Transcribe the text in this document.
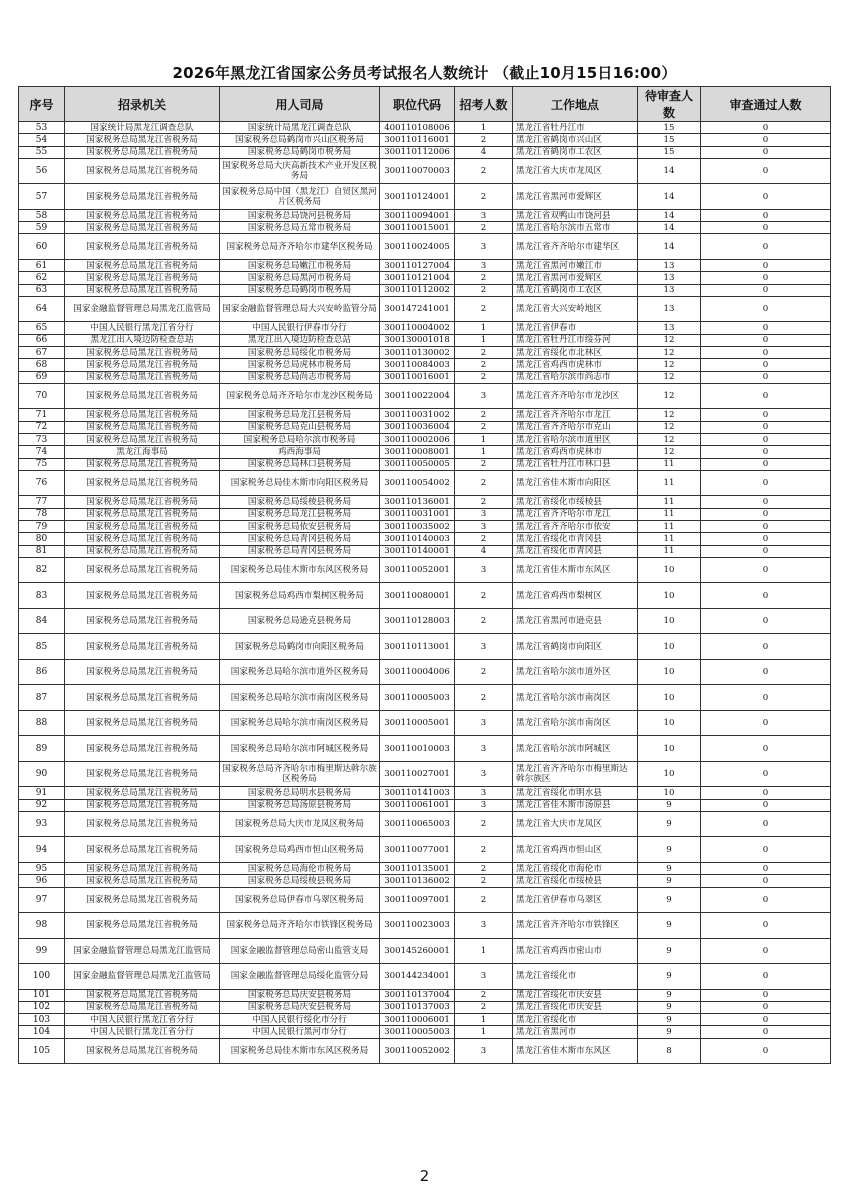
2026年黑龙江省国家公务员考试报名人数统计 （截止10月15日16:00）
序号	招录机关	用人司局	职位代码	招考人数	工作地点	待审查人数	审查通过人数
53	国家统计局黑龙江调查总队	国家统计局黑龙江调查总队	400110108006	1	黑龙江省牡丹江市	15	0
54	国家税务总局黑龙江省税务局	国家税务总局鹤岗市兴山区税务局	300110116001	2	黑龙江省鹤岗市兴山区	15	0
55	国家税务总局黑龙江省税务局	国家税务总局鹤岗市税务局	300110112006	4	黑龙江省鹤岗市工农区	15	0
56	国家税务总局黑龙江省税务局	国家税务总局大庆高新技术产业开发区税务局	300110070003	2	黑龙江省大庆市龙凤区	14	0
57	国家税务总局黑龙江省税务局	国家税务总局中国（黑龙江）自贸区黑河片区税务局	300110124001	2	黑龙江省黑河市爱辉区	14	0
58	国家税务总局黑龙江省税务局	国家税务总局饶河县税务局	300110094001	3	黑龙江省双鸭山市饶河县	14	0
59	国家税务总局黑龙江省税务局	国家税务总局五常市税务局	300110015001	2	黑龙江省哈尔滨市五常市	14	0
60	国家税务总局黑龙江省税务局	国家税务总局齐齐哈尔市建华区税务局	300110024005	3	黑龙江省齐齐哈尔市建华区	14	0
61	国家税务总局黑龙江省税务局	国家税务总局嫩江市税务局	300110127004	3	黑龙江省黑河市嫩江市	13	0
62	国家税务总局黑龙江省税务局	国家税务总局黑河市税务局	300110121004	2	黑龙江省黑河市爱辉区	13	0
63	国家税务总局黑龙江省税务局	国家税务总局鹤岗市税务局	300110112002	2	黑龙江省鹤岗市工农区	13	0
64	国家金融监督管理总局黑龙江监管局	国家金融监督管理总局大兴安岭监管分局	300147241001	2	黑龙江省大兴安岭地区	13	0
65	中国人民银行黑龙江省分行	中国人民银行伊春市分行	300110004002	1	黑龙江省伊春市	13	0
66	黑龙江出入境边防检查总站	黑龙江出入境边防检查总站	300130001018	1	黑龙江省牡丹江市绥芬河	12	0
67	国家税务总局黑龙江省税务局	国家税务总局绥化市税务局	300110130002	2	黑龙江省绥化市北林区	12	0
68	国家税务总局黑龙江省税务局	国家税务总局虎林市税务局	300110084003	2	黑龙江省鸡西市虎林市	12	0
69	国家税务总局黑龙江省税务局	国家税务总局尚志市税务局	300110016001	2	黑龙江省哈尔滨市尚志市	12	0
70	国家税务总局黑龙江省税务局	国家税务总局齐齐哈尔市龙沙区税务局	300110022004	3	黑龙江省齐齐哈尔市龙沙区	12	0
71	国家税务总局黑龙江省税务局	国家税务总局龙江县税务局	300110031002	2	黑龙江省齐齐哈尔市龙江	12	0
72	国家税务总局黑龙江省税务局	国家税务总局克山县税务局	300110036004	2	黑龙江省齐齐哈尔市克山	12	0
73	国家税务总局黑龙江省税务局	国家税务总局哈尔滨市税务局	300110002006	1	黑龙江省哈尔滨市道里区	12	0
74	黑龙江海事局	鸡西海事局	300110008001	1	黑龙江省鸡西市虎林市	12	0
75	国家税务总局黑龙江省税务局	国家税务总局林口县税务局	300110050005	2	黑龙江省牡丹江市林口县	11	0
76	国家税务总局黑龙江省税务局	国家税务总局佳木斯市向阳区税务局	300110054002	2	黑龙江省佳木斯市向阳区	11	0
77	国家税务总局黑龙江省税务局	国家税务总局绥棱县税务局	300110136001	2	黑龙江省绥化市绥棱县	11	0
78	国家税务总局黑龙江省税务局	国家税务总局龙江县税务局	300110031001	3	黑龙江省齐齐哈尔市龙江	11	0
79	国家税务总局黑龙江省税务局	国家税务总局依安县税务局	300110035002	3	黑龙江省齐齐哈尔市依安	11	0
80	国家税务总局黑龙江省税务局	国家税务总局青冈县税务局	300110140003	2	黑龙江省绥化市青冈县	11	0
81	国家税务总局黑龙江省税务局	国家税务总局青冈县税务局	300110140001	4	黑龙江省绥化市青冈县	11	0
82	国家税务总局黑龙江省税务局	国家税务总局佳木斯市东风区税务局	300110052001	3	黑龙江省佳木斯市东风区	10	0
83	国家税务总局黑龙江省税务局	国家税务总局鸡西市梨树区税务局	300110080001	2	黑龙江省鸡西市梨树区	10	0
84	国家税务总局黑龙江省税务局	国家税务总局逊克县税务局	300110128003	2	黑龙江省黑河市逊克县	10	0
85	国家税务总局黑龙江省税务局	国家税务总局鹤岗市向阳区税务局	300110113001	3	黑龙江省鹤岗市向阳区	10	0
86	国家税务总局黑龙江省税务局	国家税务总局哈尔滨市道外区税务局	300110004006	2	黑龙江省哈尔滨市道外区	10	0
87	国家税务总局黑龙江省税务局	国家税务总局哈尔滨市南岗区税务局	300110005003	2	黑龙江省哈尔滨市南岗区	10	0
88	国家税务总局黑龙江省税务局	国家税务总局哈尔滨市南岗区税务局	300110005001	3	黑龙江省哈尔滨市南岗区	10	0
89	国家税务总局黑龙江省税务局	国家税务总局哈尔滨市阿城区税务局	300110010003	3	黑龙江省哈尔滨市阿城区	10	0
90	国家税务总局黑龙江省税务局	国家税务总局齐齐哈尔市梅里斯达斡尔族区税务局	300110027001	3	黑龙江省齐齐哈尔市梅里斯达斡尔族区	10	0
91	国家税务总局黑龙江省税务局	国家税务总局明水县税务局	300110141003	3	黑龙江省绥化市明水县	10	0
92	国家税务总局黑龙江省税务局	国家税务总局汤原县税务局	300110061001	3	黑龙江省佳木斯市汤原县	9	0
93	国家税务总局黑龙江省税务局	国家税务总局大庆市龙凤区税务局	300110065003	2	黑龙江省大庆市龙凤区	9	0
94	国家税务总局黑龙江省税务局	国家税务总局鸡西市恒山区税务局	300110077001	2	黑龙江省鸡西市恒山区	9	0
95	国家税务总局黑龙江省税务局	国家税务总局海伦市税务局	300110135001	2	黑龙江省绥化市海伦市	9	0
96	国家税务总局黑龙江省税务局	国家税务总局绥棱县税务局	300110136002	2	黑龙江省绥化市绥棱县	9	0
97	国家税务总局黑龙江省税务局	国家税务总局伊春市乌翠区税务局	300110097001	2	黑龙江省伊春市乌翠区	9	0
98	国家税务总局黑龙江省税务局	国家税务总局齐齐哈尔市铁锋区税务局	300110023003	3	黑龙江省齐齐哈尔市铁锋区	9	0
99	国家金融监督管理总局黑龙江监管局	国家金融监督管理总局密山监管支局	300145260001	1	黑龙江省鸡西市密山市	9	0
100	国家金融监督管理总局黑龙江监管局	国家金融监督管理总局绥化监管分局	300144234001	3	黑龙江省绥化市	9	0
101	国家税务总局黑龙江省税务局	国家税务总局庆安县税务局	300110137004	2	黑龙江省绥化市庆安县	9	0
102	国家税务总局黑龙江省税务局	国家税务总局庆安县税务局	300110137003	2	黑龙江省绥化市庆安县	9	0
103	中国人民银行黑龙江省分行	中国人民银行绥化市分行	300110006001	1	黑龙江省绥化市	9	0
104	中国人民银行黑龙江省分行	中国人民银行黑河市分行	300110005003	1	黑龙江省黑河市	9	0
105	国家税务总局黑龙江省税务局	国家税务总局佳木斯市东风区税务局	300110052002	3	黑龙江省佳木斯市东风区	8	0
2
